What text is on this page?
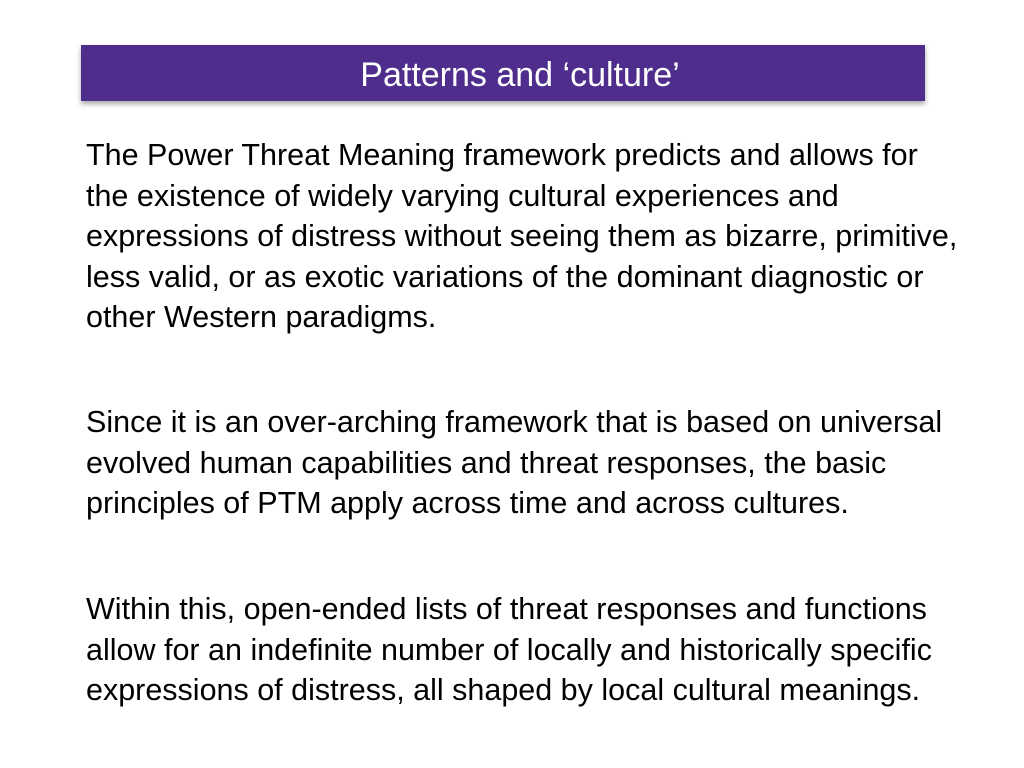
Patterns and ‘culture’
The Power Threat Meaning framework predicts and allows for
the existence of widely varying cultural experiences and
expressions of distress without seeing them as bizarre, primitive,
less valid, or as exotic variations of the dominant diagnostic or
other Western paradigms.
Since it is an over-arching framework that is based on universal
evolved human capabilities and threat responses, the basic
principles of PTM apply across time and across cultures.
Within this, open-ended lists of threat responses and functions
allow for an indefinite number of locally and historically specific
expressions of distress, all shaped by local cultural meanings.
